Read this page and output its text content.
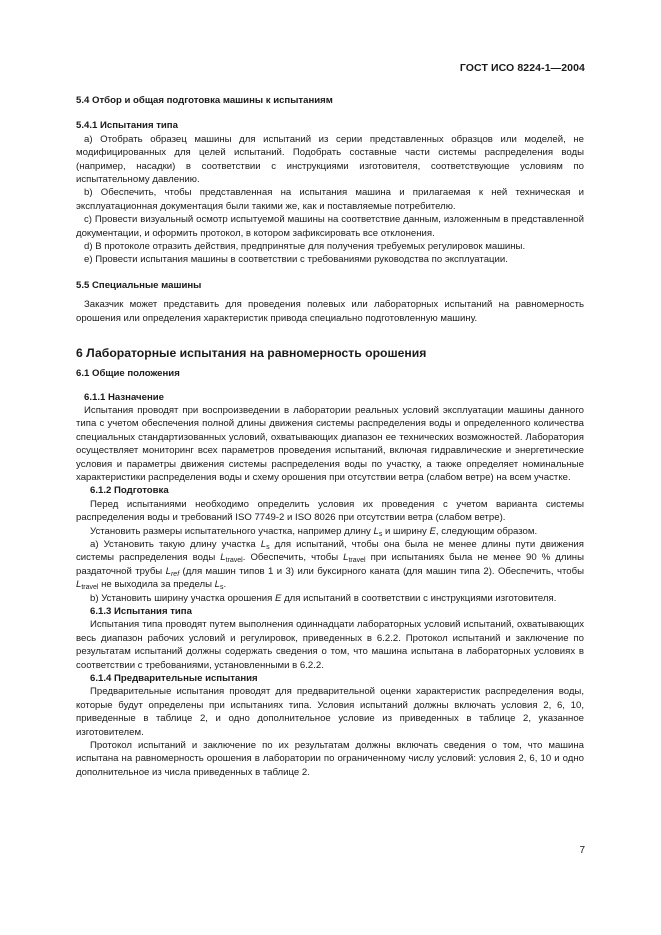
ГОСТ ИСО 8224-1—2004

5.4 Отбор и общая подготовка машины к испытаниям

5.4.1 Испытания типа

a) Отобрать образец машины для испытаний из серии представленных образцов или моделей, не модифицированных для целей испытаний. Подобрать составные части системы распределения воды (например, насадки) в соответствии с инструкциями изготовителя, соответствующие условиям по испытательному давлению.

b) Обеспечить, чтобы представленная на испытания машина и прилагаемая к ней техническая и эксплуатационная документация были такими же, как и поставляемые потребителю.

c) Провести визуальный осмотр испытуемой машины на соответствие данным, изложенным в представленной документации, и оформить протокол, в котором зафиксировать все отклонения.

d) В протоколе отразить действия, предпринятые для получения требуемых регулировок машины.

e) Провести испытания машины в соответствии с требованиями руководства по эксплуатации.

5.5 Специальные машины

Заказчик может представить для проведения полевых или лабораторных испытаний на равномерность орошения или определения характеристик привода специально подготовленную машину.

6 Лабораторные испытания на равномерность орошения

6.1 Общие положения

6.1.1 Назначение

Испытания проводят при воспроизведении в лаборатории реальных условий эксплуатации машины данного типа с учетом обеспечения полной длины движения системы распределения воды и определенного количества специальных стандартизованных условий, охватывающих диапазон ее технических возможностей. Лаборатория осуществляет мониторинг всех параметров проведения испытаний, включая гидравлические и энергетические условия и параметры движения системы распределения воды по участку, а также определяет номинальные характеристики распределения воды и схему орошения при отсутствии ветра (слабом ветре) на всем участке.

6.1.2 Подготовка

Перед испытаниями необходимо определить условия их проведения с учетом варианта системы распределения воды и требований ISO 7749-2 и ISO 8026 при отсутствии ветра (слабом ветре).

Установить размеры испытательного участка, например длину $L_s$ и ширину E, следующим образом.

a) Установить такую длину участка $L_s$ для испытаний, чтобы она была не менее длины пути движения системы распределения воды $L_{travel}$. Обеспечить, чтобы $L_{travel}$ при испытаниях была не менее 90 % длины раздаточной трубы $L_{ref}$ (для машин типов 1 и 3) или буксирного каната (для машин типа 2). Обеспечить, чтобы $L_{travel}$ не выходила за пределы $L_s$.

b) Установить ширину участка орошения E для испытаний в соответствии с инструкциями изготовителя.

6.1.3 Испытания типа

Испытания типа проводят путем выполнения одиннадцати лабораторных условий испытаний, охватывающих весь диапазон рабочих условий и регулировок, приведенных в 6.2.2. Протокол испытаний и заключение по результатам испытаний должны содержать сведения о том, что машина испытана в лабораторных условиях в соответствии с требованиями, установленными в 6.2.2.

6.1.4 Предварительные испытания

Предварительные испытания проводят для предварительной оценки характеристик распределения воды, которые будут определены при испытаниях типа. Условия испытаний должны включать условия 2, 6, 10, приведенные в таблице 2, и одно дополнительное условие из приведенных в таблице 2, указанное изготовителем.

Протокол испытаний и заключение по их результатам должны включать сведения о том, что машина испытана на равномерность орошения в лаборатории по ограниченному числу условий: условия 2, 6, 10 и одно дополнительное из числа приведенных в таблице 2.

7
